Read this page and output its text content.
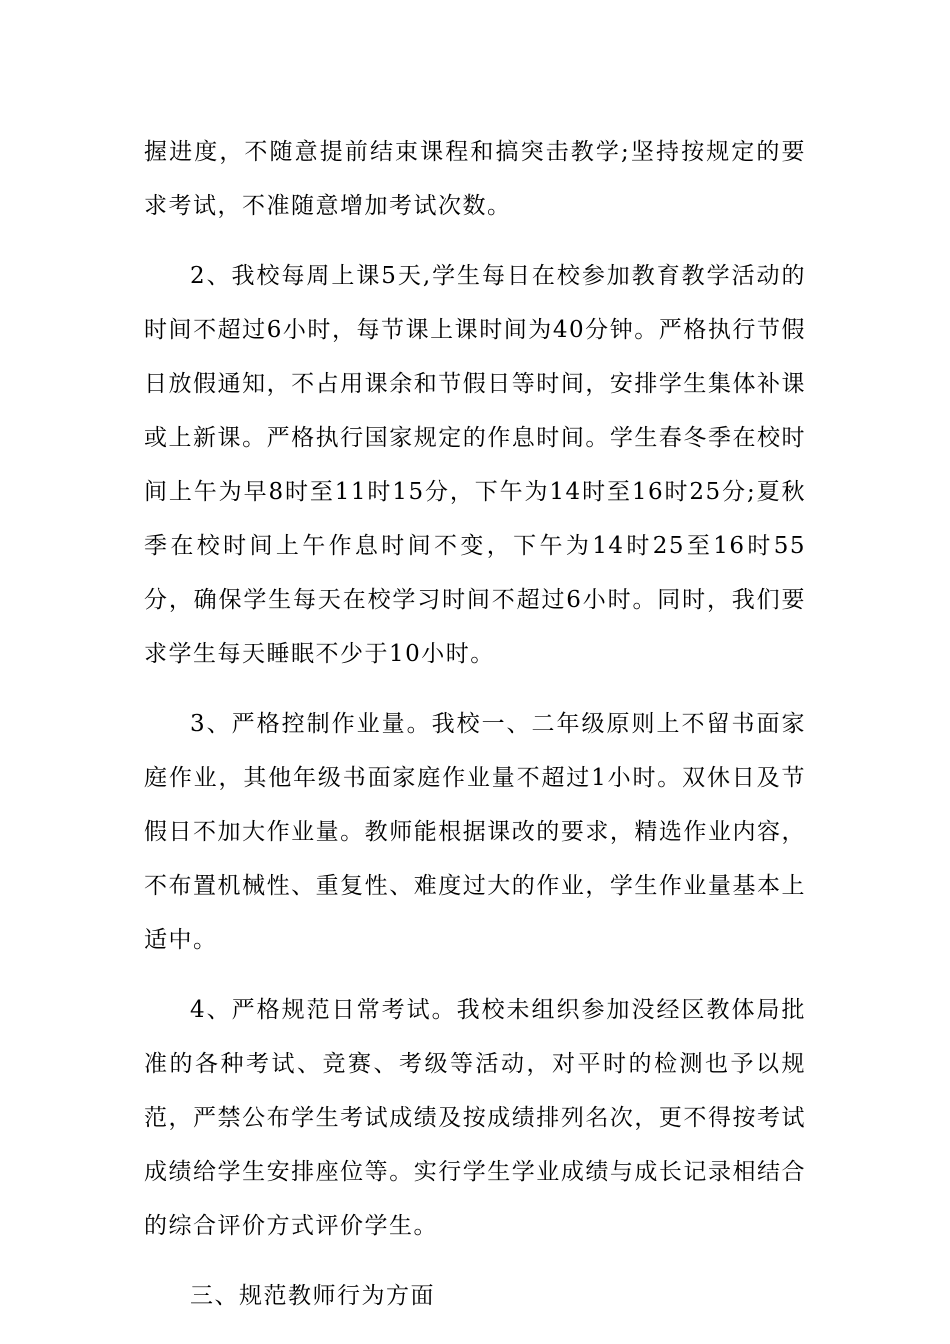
握进度，不随意提前结束课程和搞突击教学;坚持按规定的要求考试，不准随意增加考试次数。

2、我校每周上课5天,学生每日在校参加教育教学活动的时间不超过6小时，每节课上课时间为40分钟。严格执行节假日放假通知，不占用课余和节假日等时间，安排学生集体补课或上新课。严格执行国家规定的作息时间。学生春冬季在校时间上午为早8时至11时15分，下午为14时至16时25分;夏秋季在校时间上午作息时间不变，下午为14时25至16时55分，确保学生每天在校学习时间不超过6小时。同时，我们要求学生每天睡眠不少于10小时。

3、严格控制作业量。我校一、二年级原则上不留书面家庭作业，其他年级书面家庭作业量不超过1小时。双休日及节假日不加大作业量。教师能根据课改的要求，精选作业内容，不布置机械性、重复性、难度过大的作业，学生作业量基本上适中。

4、严格规范日常考试。我校未组织参加没经区教体局批准的各种考试、竞赛、考级等活动，对平时的检测也予以规范，严禁公布学生考试成绩及按成绩排列名次，更不得按考试成绩给学生安排座位等。实行学生学业成绩与成长记录相结合的综合评价方式评价学生。

三、规范教师行为方面
